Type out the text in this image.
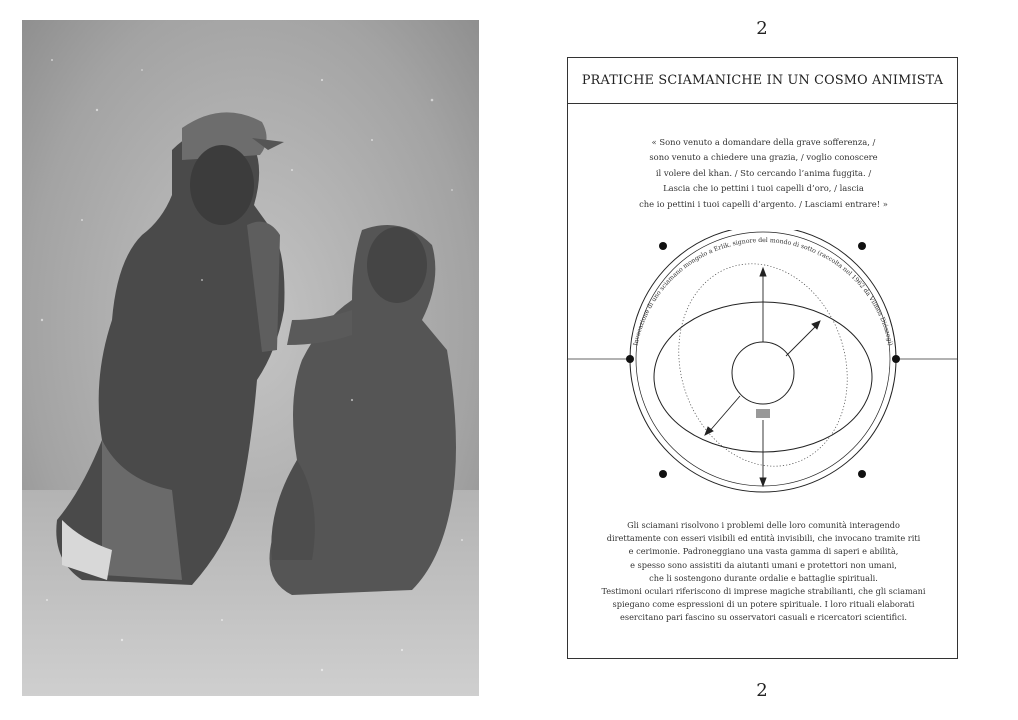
2
2
PRATICHE SCIAMANICHE IN UN COSMO ANIMISTA
« Sono venuto a domandare della grave sofferenza, /
sono venuto a chiedere una grazia, / voglio conoscere
il volere del khan. / Sto cercando l’anima fuggita. /
Lascia che io pettini i tuoi capelli d’oro, / lascia
che io pettini i tuoi capelli d’argento. / Lasciami entrare! »
Invocazione di uno sciamano mongolo a Erlik, signore del mondo di sotto (raccolta nel 1962 da Vilmos Diószegi)
Gli sciamani risolvono i problemi delle loro comunità interagendo
direttamente con esseri visibili ed entità invisibili, che invocano tramite riti
e cerimonie. Padroneggiano una vasta gamma di saperi e abilità,
e spesso sono assistiti da aiutanti umani e protettori non umani,
che li sostengono durante ordalie e battaglie spirituali.
Testimoni oculari riferiscono di imprese magiche strabilianti, che gli sciamani
spiegano come espressioni di un potere spirituale. I loro rituali elaborati
esercitano pari fascino su osservatori casuali e ricercatori scientifici.
